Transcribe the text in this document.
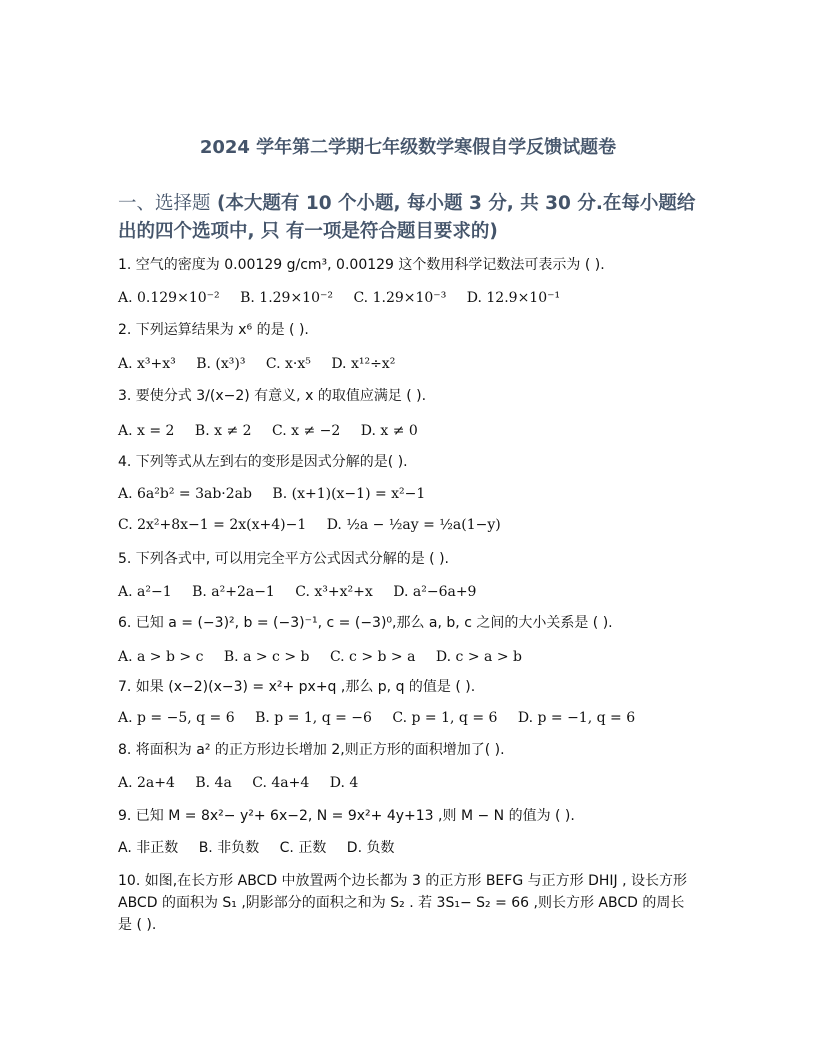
2024 学年第二学期七年级数学寒假自学反馈试题卷
一、选择题 (本大题有 10 个小题, 每小题 3 分, 共 30 分.在每小题给出的四个选项中, 只 有一项是符合题目要求的)
1. 空气的密度为 0.00129 g/cm³, 0.00129 这个数用科学记数法可表示为 ( ).
A. 0.129×10⁻² B. 1.29×10⁻² C. 1.29×10⁻³ D. 12.9×10⁻¹
2. 下列运算结果为 x⁶ 的是 ( ).
A. x³+x³ B. (x³)³ C. x·x⁵ D. x¹²÷x²
3. 要使分式 3/(x−2) 有意义, x 的取值应满足 ( ).
A. x = 2 B. x ≠ 2 C. x ≠ −2 D. x ≠ 0
4. 下列等式从左到右的变形是因式分解的是( ).
A. 6a²b² = 3ab·2ab B. (x+1)(x−1) = x²−1
C. 2x²+8x−1 = 2x(x+4)−1 D. ½a − ½ay = ½a(1−y)
5. 下列各式中, 可以用完全平方公式因式分解的是 ( ).
A. a²−1 B. a²+2a−1 C. x³+x²+x D. a²−6a+9
6. 已知 a = (−3)², b = (−3)⁻¹, c = (−3)⁰,那么 a, b, c 之间的大小关系是 ( ).
A. a > b > c B. a > c > b C. c > b > a D. c > a > b
7. 如果 (x−2)(x−3) = x²+ px+q ,那么 p, q 的值是 ( ).
A. p = −5, q = 6 B. p = 1, q = −6 C. p = 1, q = 6 D. p = −1, q = 6
8. 将面积为 a² 的正方形边长增加 2,则正方形的面积增加了( ).
A. 2a+4 B. 4a C. 4a+4 D. 4
9. 已知 M = 8x²− y²+ 6x−2, N = 9x²+ 4y+13 ,则 M − N 的值为 ( ).
A. 非正数 B. 非负数 C. 正数 D. 负数
10. 如图,在长方形 ABCD 中放置两个边长都为 3 的正方形 BEFG 与正方形 DHIJ , 设长方形 ABCD 的面积为 S₁ ,阴影部分的面积之和为 S₂ . 若 3S₁− S₂ = 66 ,则长方形 ABCD 的周长是 ( ).
